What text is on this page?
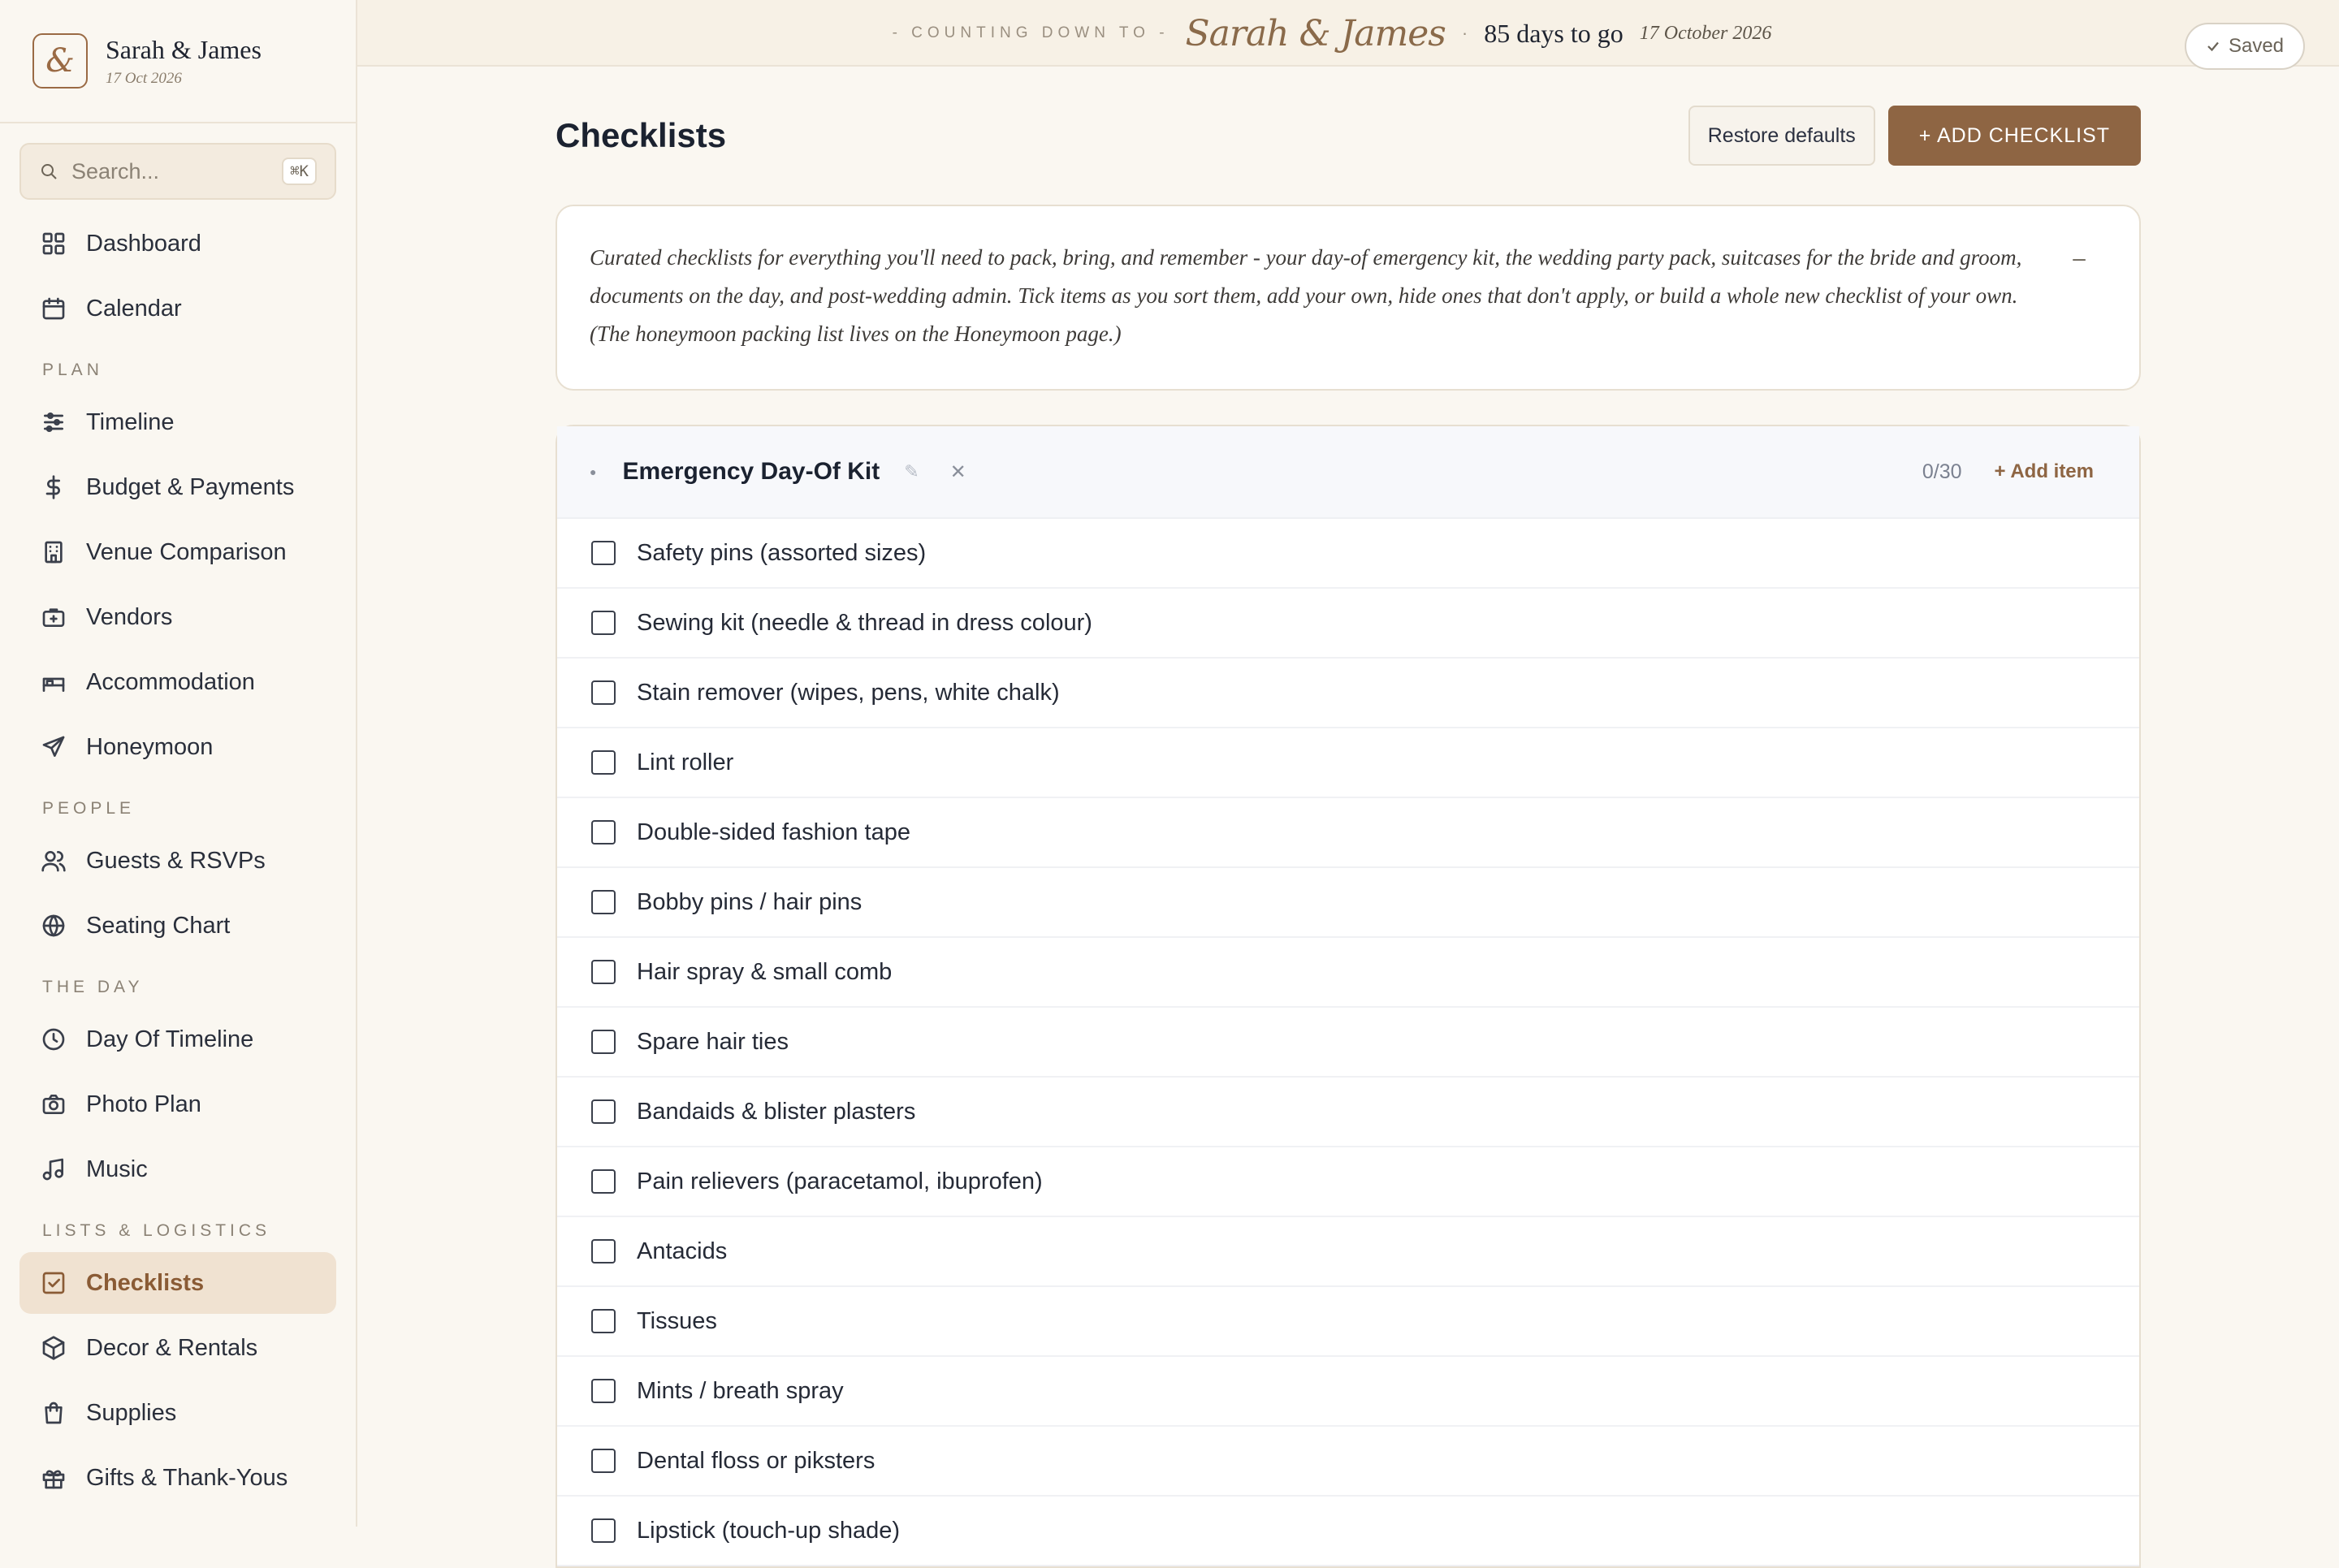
&	Sarah & James
17 Oct 2026
Search...	⌘K
Dashboard
Calendar
PLAN
Timeline
Budget & Payments
Venue Comparison
Vendors
Accommodation
Honeymoon
PEOPLE
Guests & RSVPs
Seating Chart
THE DAY
Day Of Timeline
Photo Plan
Music
LISTS & LOGISTICS
Checklists
Decor & Rentals
Supplies
Gifts & Thank-Yous
- COUNTING DOWN TO - Sarah & James · 85 days to go 17 October 2026
Saved
Checklists	Restore defaults	+ ADD CHECKLIST

Curated checklists for everything you'll need to pack, bring, and remember - your day-of emergency kit, the wedding party pack, suitcases for the bride and groom, documents on the day, and post-wedding admin. Tick items as you sort them, add your own, hide ones that don't apply, or build a whole new checklist of your own. (The honeymoon packing list lives on the Honeymoon page.)

–
● Emergency Day-Of Kit ✎ ✕	0/30 + Add item
Safety pins (assorted sizes)
Sewing kit (needle & thread in dress colour)
Stain remover (wipes, pens, white chalk)
Lint roller
Double-sided fashion tape
Bobby pins / hair pins
Hair spray & small comb
Spare hair ties
Bandaids & blister plasters
Pain relievers (paracetamol, ibuprofen)
Antacids
Tissues
Mints / breath spray
Dental floss or piksters
Lipstick (touch-up shade)
